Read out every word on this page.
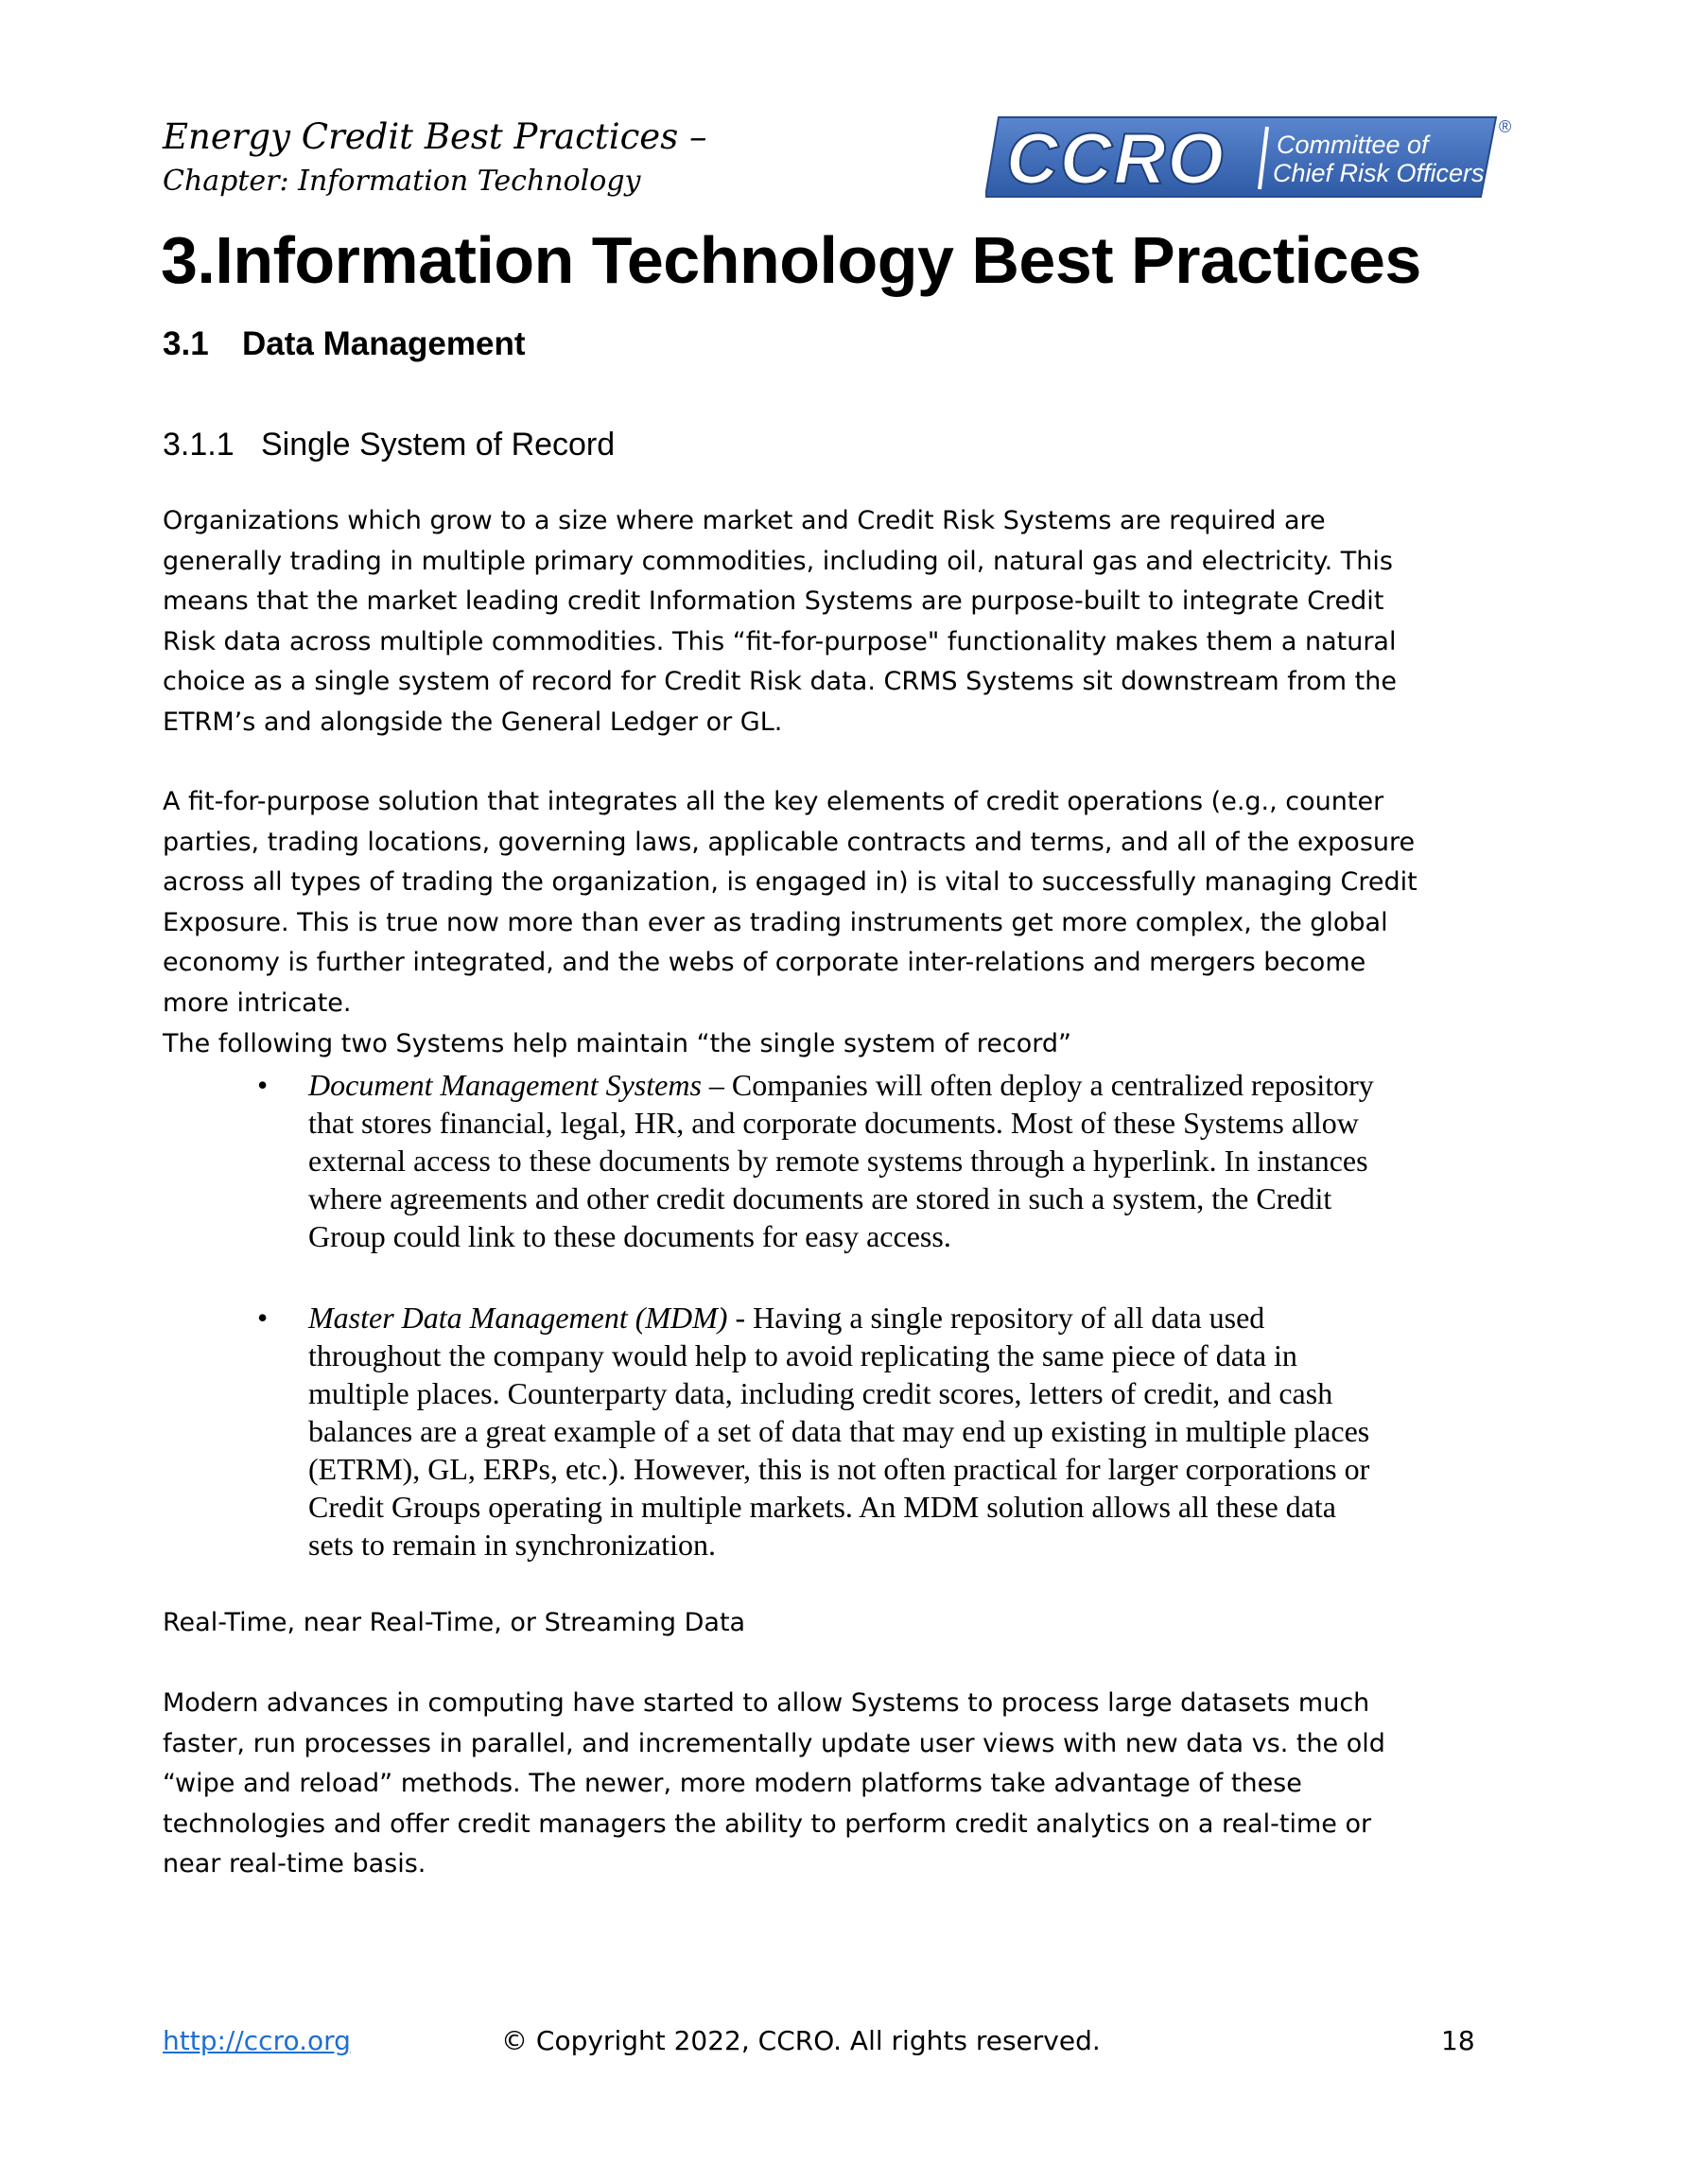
Energy Credit Best Practices –
Chapter: Information Technology	CCRO Committee of
Chief Risk Officers
®
3.Information Technology Best Practices
3.1 Data Management
3.1.1 Single System of Record
Organizations which grow to a size where market and Credit Risk Systems are required are
generally trading in multiple primary commodities, including oil, natural gas and electricity. This
means that the market leading credit Information Systems are purpose-built to integrate Credit
Risk data across multiple commodities. This “fit-for-purpose" functionality makes them a natural
choice as a single system of record for Credit Risk data. CRMS Systems sit downstream from the
ETRM’s and alongside the General Ledger or GL.
A fit-for-purpose solution that integrates all the key elements of credit operations (e.g., counter
parties, trading locations, governing laws, applicable contracts and terms, and all of the exposure
across all types of trading the organization, is engaged in) is vital to successfully managing Credit
Exposure. This is true now more than ever as trading instruments get more complex, the global
economy is further integrated, and the webs of corporate inter-relations and mergers become
more intricate.
The following two Systems help maintain “the single system of record”
• Document Management Systems – Companies will often deploy a centralized repository
that stores financial, legal, HR, and corporate documents. Most of these Systems allow
external access to these documents by remote systems through a hyperlink. In instances
where agreements and other credit documents are stored in such a system, the Credit
Group could link to these documents for easy access.
• Master Data Management (MDM) - Having a single repository of all data used
throughout the company would help to avoid replicating the same piece of data in
multiple places. Counterparty data, including credit scores, letters of credit, and cash
balances are a great example of a set of data that may end up existing in multiple places
(ETRM), GL, ERPs, etc.). However, this is not often practical for larger corporations or
Credit Groups operating in multiple markets. An MDM solution allows all these data
sets to remain in synchronization.
Real-Time, near Real-Time, or Streaming Data
Modern advances in computing have started to allow Systems to process large datasets much
faster, run processes in parallel, and incrementally update user views with new data vs. the old
“wipe and reload” methods. The newer, more modern platforms take advantage of these
technologies and offer credit managers the ability to perform credit analytics on a real-time or
near real-time basis.
http://ccro.org	© Copyright 2022, CCRO. All rights reserved.	18
